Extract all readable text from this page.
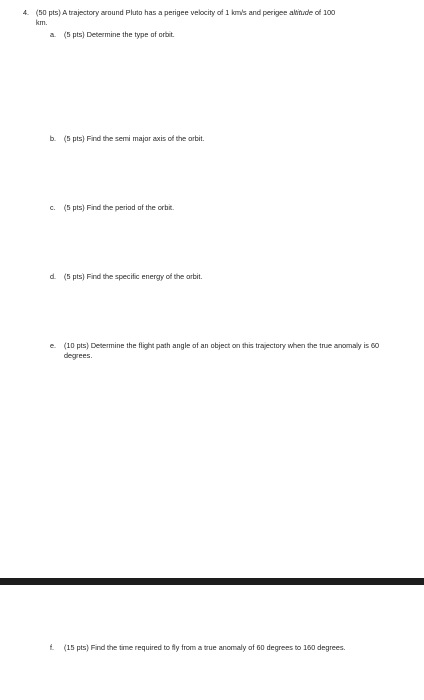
4. (50 pts) A trajectory around Pluto has a perigee velocity of 1 km/s and perigee altitude of 100
km.
a. (5 pts) Determine the type of orbit.
b. (5 pts) Find the semi major axis of the orbit.
c. (5 pts) Find the period of the orbit.
d. (5 pts) Find the specific energy of the orbit.
e. (10 pts) Determine the flight path angle of an object on this trajectory when the true anomaly is 60 degrees.
f. (15 pts) Find the time required to fly from a true anomaly of 60 degrees to 160 degrees.
